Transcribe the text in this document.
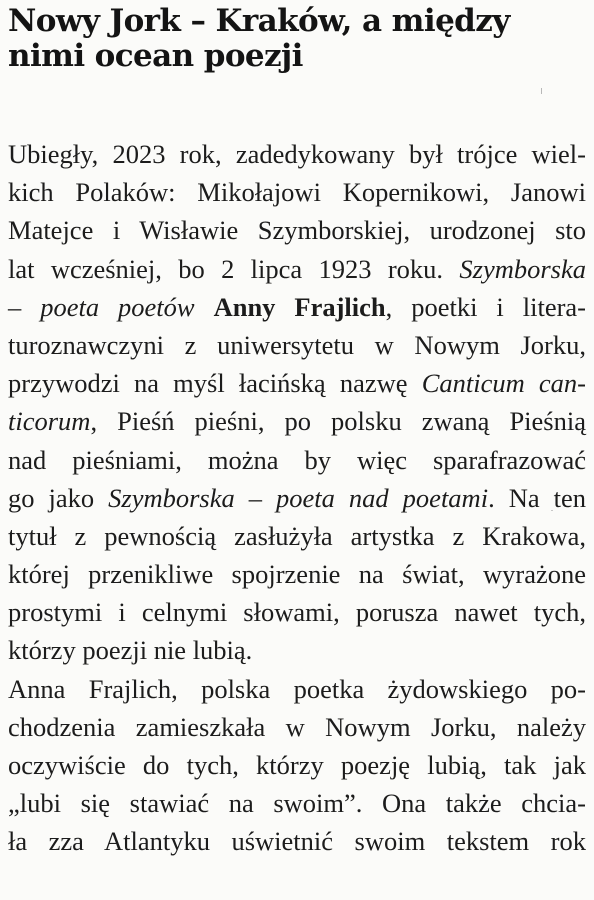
Nowy Jork – Kraków, a między
nimi ocean poezji
Ubiegły, 2023 rok, zadedykowany był trójce wiel-
kich Polaków: Mikołajowi Kopernikowi, Janowi
Matejce i Wisławie Szymborskiej, urodzonej sto
lat wcześniej, bo 2 lipca 1923 roku. Szymborska
– poeta poetów Anny Frajlich, poetki i litera-
turoznawczyni z uniwersytetu w Nowym Jorku,
przywodzi na myśl łacińską nazwę Canticum can-
ticorum, Pieśń pieśni, po polsku zwaną Pieśnią
nad pieśniami, można by więc sparafrazować
go jako Szymborska – poeta nad poetami. Na ten
tytuł z pewnością zasłużyła artystka z Krakowa,
której przenikliwe spojrzenie na świat, wyrażone
prostymi i celnymi słowami, porusza nawet tych,
którzy poezji nie lubią.
Anna Frajlich, polska poetka żydowskiego po-
chodzenia zamieszkała w Nowym Jorku, należy
oczywiście do tych, którzy poezję lubią, tak jak
„lubi się stawiać na swoim”. Ona także chcia-
ła zza Atlantyku uświetnić swoim tekstem rok
